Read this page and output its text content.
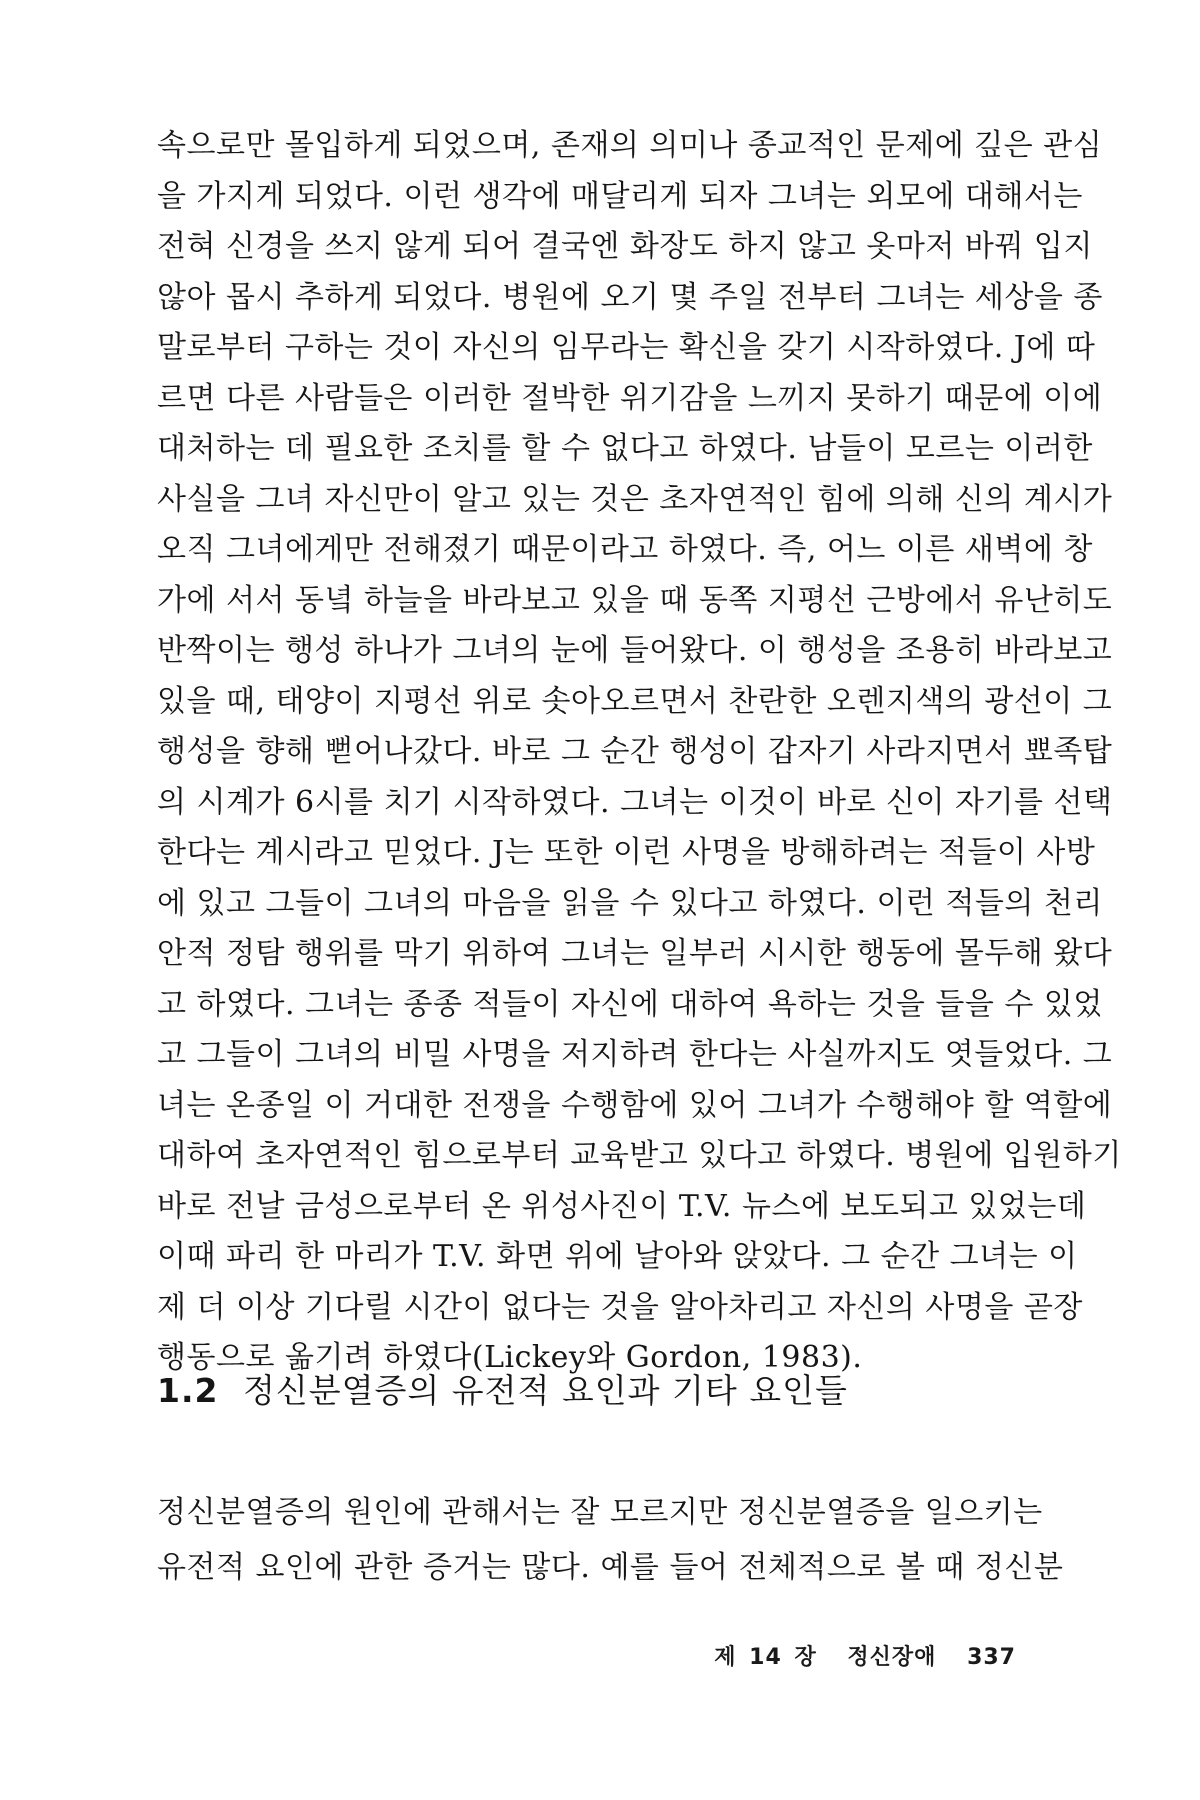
속으로만 몰입하게 되었으며, 존재의 의미나 종교적인 문제에 깊은 관심
을 가지게 되었다. 이런 생각에 매달리게 되자 그녀는 외모에 대해서는
전혀 신경을 쓰지 않게 되어 결국엔 화장도 하지 않고 옷마저 바꿔 입지
않아 몹시 추하게 되었다. 병원에 오기 몇 주일 전부터 그녀는 세상을 종
말로부터 구하는 것이 자신의 임무라는 확신을 갖기 시작하였다. J에 따
르면 다른 사람들은 이러한 절박한 위기감을 느끼지 못하기 때문에 이에
대처하는 데 필요한 조치를 할 수 없다고 하였다. 남들이 모르는 이러한
사실을 그녀 자신만이 알고 있는 것은 초자연적인 힘에 의해 신의 계시가
오직 그녀에게만 전해졌기 때문이라고 하였다. 즉, 어느 이른 새벽에 창
가에 서서 동녘 하늘을 바라보고 있을 때 동쪽 지평선 근방에서 유난히도
반짝이는 행성 하나가 그녀의 눈에 들어왔다. 이 행성을 조용히 바라보고
있을 때, 태양이 지평선 위로 솟아오르면서 찬란한 오렌지색의 광선이 그
행성을 향해 뻗어나갔다. 바로 그 순간 행성이 갑자기 사라지면서 뾰족탑
의 시계가 6시를 치기 시작하였다. 그녀는 이것이 바로 신이 자기를 선택
한다는 계시라고 믿었다. J는 또한 이런 사명을 방해하려는 적들이 사방
에 있고 그들이 그녀의 마음을 읽을 수 있다고 하였다. 이런 적들의 천리
안적 정탐 행위를 막기 위하여 그녀는 일부러 시시한 행동에 몰두해 왔다
고 하였다. 그녀는 종종 적들이 자신에 대하여 욕하는 것을 들을 수 있었
고 그들이 그녀의 비밀 사명을 저지하려 한다는 사실까지도 엿들었다. 그
녀는 온종일 이 거대한 전쟁을 수행함에 있어 그녀가 수행해야 할 역할에
대하여 초자연적인 힘으로부터 교육받고 있다고 하였다. 병원에 입원하기
바로 전날 금성으로부터 온 위성사진이 T.V. 뉴스에 보도되고 있었는데
이때 파리 한 마리가 T.V. 화면 위에 날아와 앉았다. 그 순간 그녀는 이
제 더 이상 기다릴 시간이 없다는 것을 알아차리고 자신의 사명을 곧장
행동으로 옮기려 하였다(Lickey와 Gordon, 1983).
1.2 정신분열증의 유전적 요인과 기타 요인들
정신분열증의 원인에 관해서는 잘 모르지만 정신분열증을 일으키는
유전적 요인에 관한 증거는 많다. 예를 들어 전체적으로 볼 때 정신분
제 14 장 정신장애 337
